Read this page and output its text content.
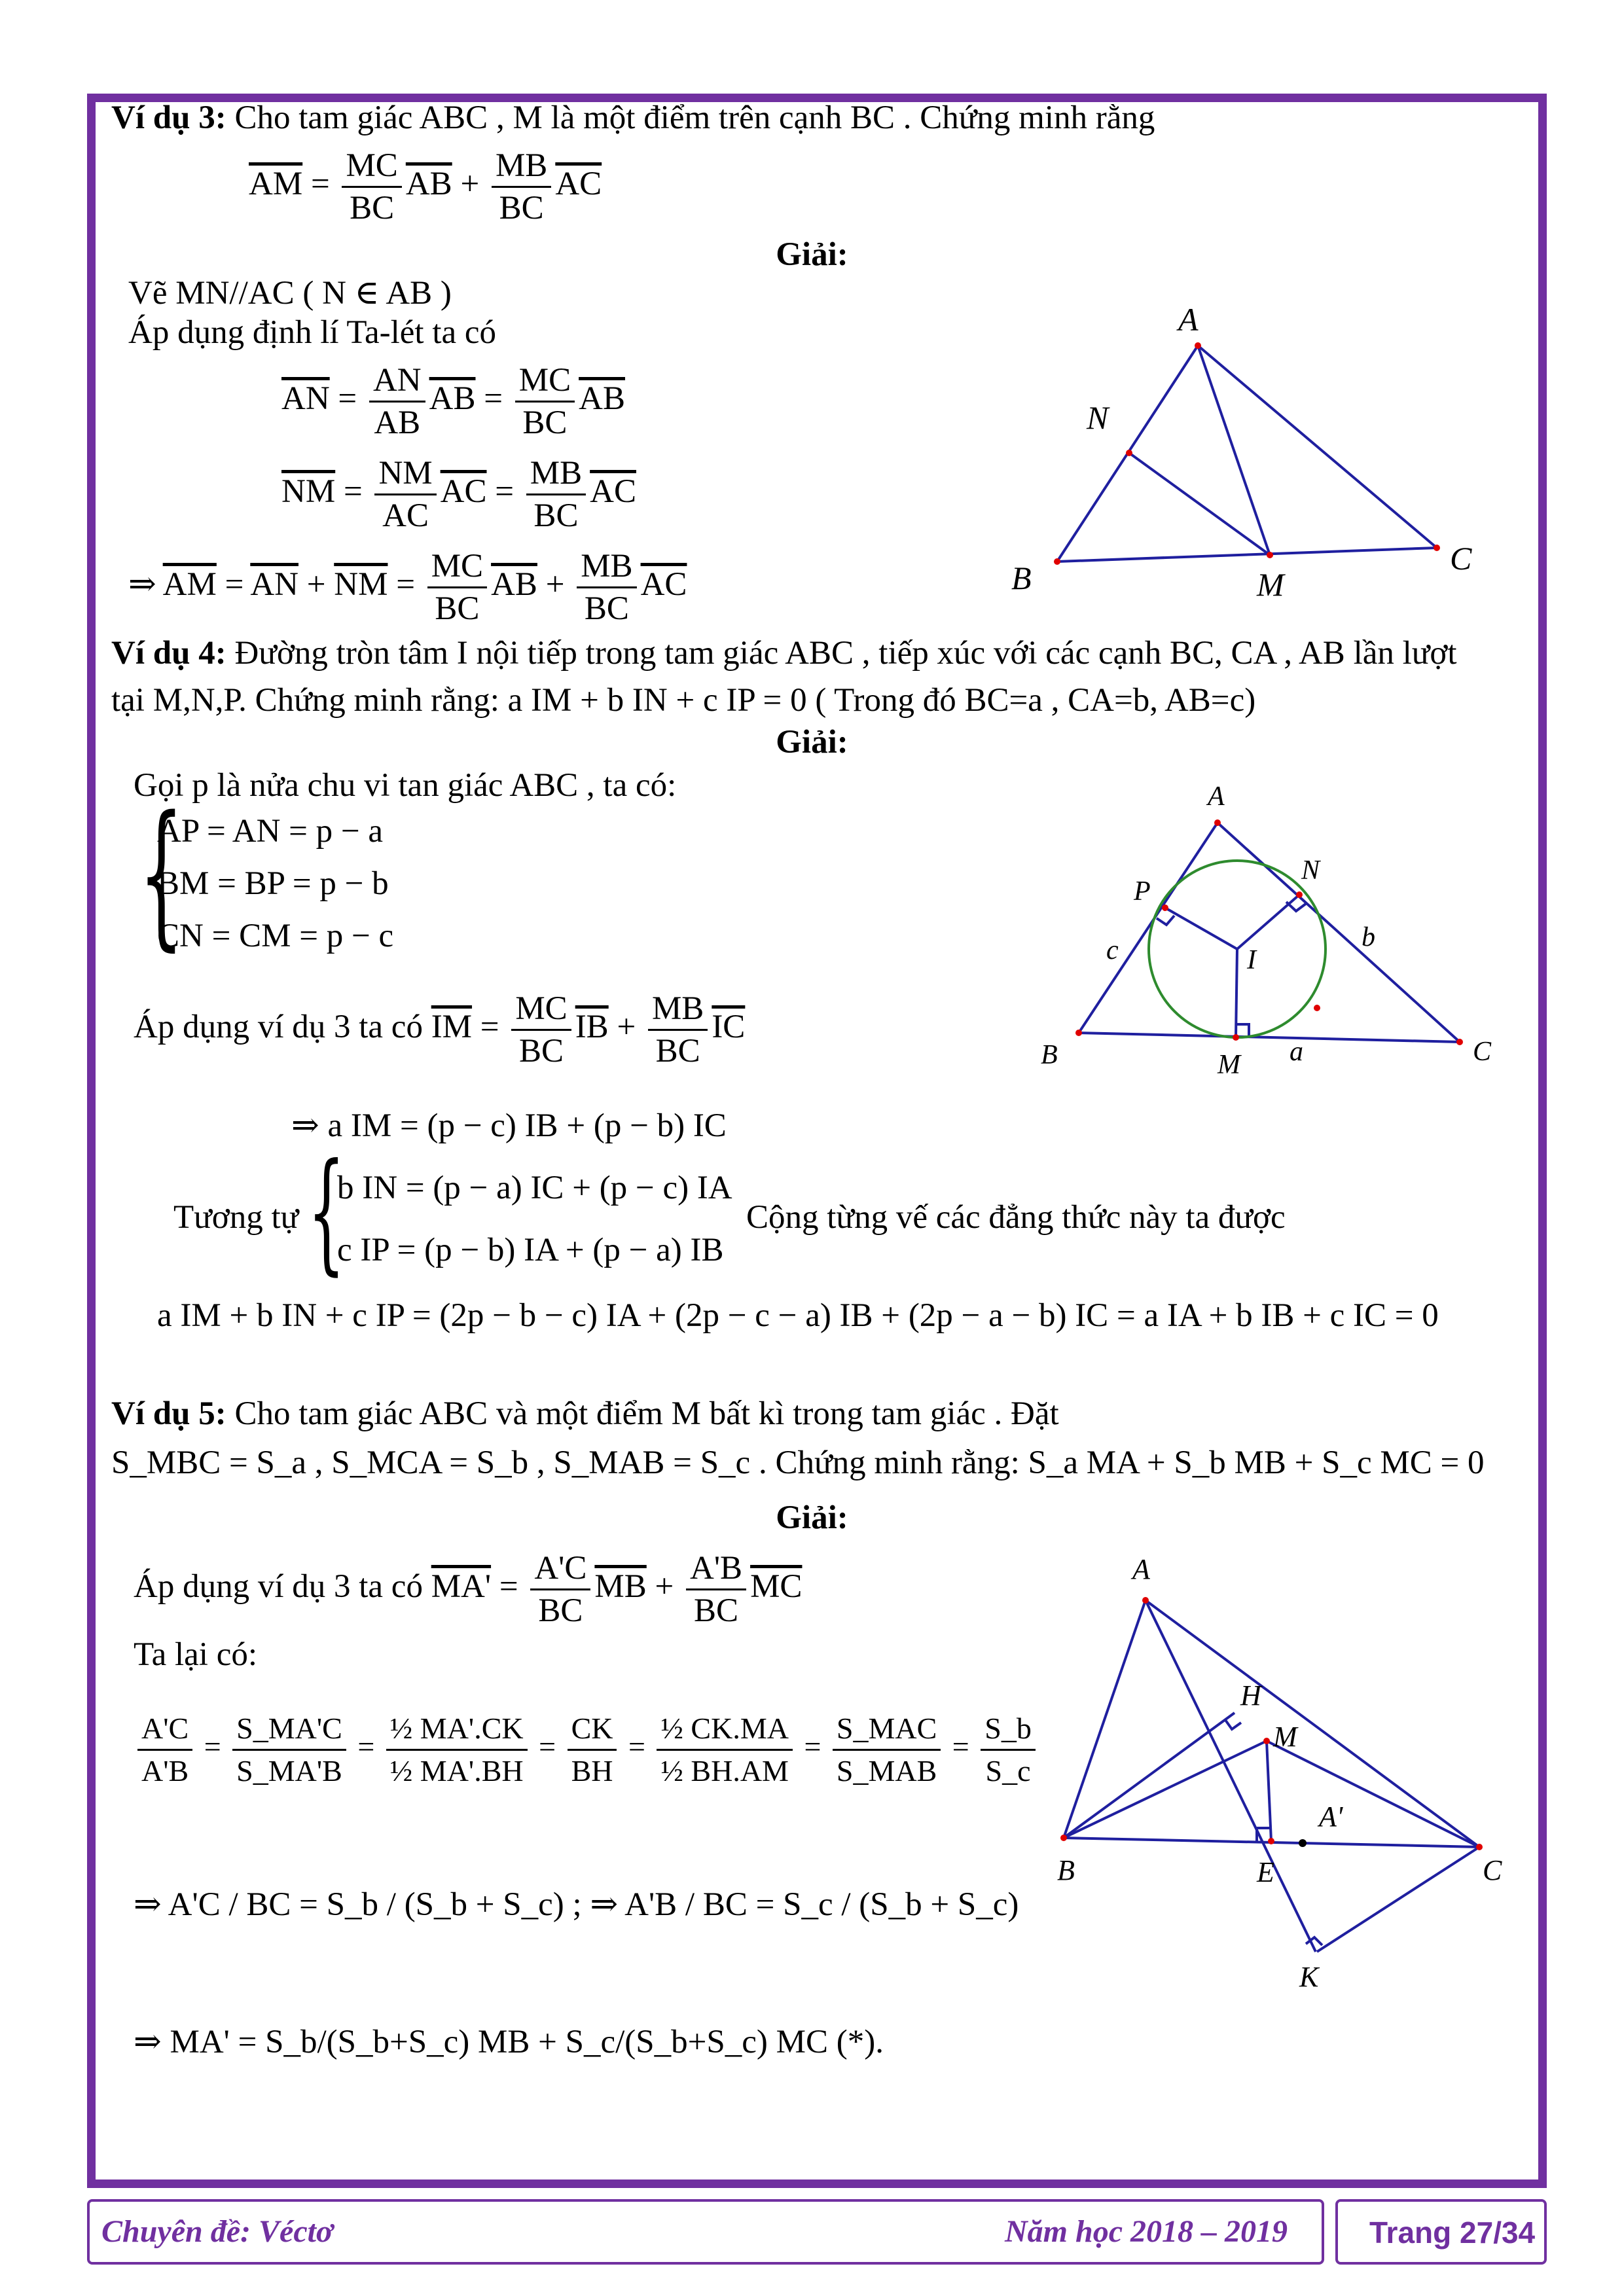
Ví dụ 3: Cho tam giác ABC , M là một điểm trên cạnh BC . Chứng minh rằng
$\overline{AM} = \frac{MC}{BC} \overline{AB} + \frac{MB}{BC} \overline{AC}$
Giải:
Vẽ MN//AC ( N ∈ AB )
Áp dụng định lí Ta-lét ta có
$\overline{AN} = \frac{AN}{AB} \overline{AB} = \frac{MC}{BC} \overline{AB}$
$\overline{NM} = \frac{NM}{AC} \overline{AC} = \frac{MB}{BC} \overline{AC}$
⇒ $\overline{AM} = \overline{AN} + \overline{NM} = \frac{MC}{BC} \overline{AB} + \frac{MB}{BC} \overline{AC}$
A
N
B	M
C
Ví dụ 4: Đường tròn tâm I nội tiếp trong tam giác ABC , tiếp xúc với các cạnh BC, CA , AB lần lượt
tại M,N,P. Chứng minh rằng: a IM + b IN + c IP = 0 ( Trong đó BC=a , CA=b, AB=c)
Giải:
Gọi p là nửa chu vi tan giác ABC , ta có:
{
AP = AN = p − a
BM = BP = p − b
CN = CM = p − c
Áp dụng ví dụ 3 ta có $\overline{IM} = \frac{MC}{BC} \overline{IB} + \frac{MB}{BC} \overline{IC}$
⇒ a IM = (p − c) IB + (p − b) IC
Tương tự {
b IN = (p − a) IC + (p − c) IA
c IP = (p − b) IA + (p − a) IB
Cộng từng vế các đẳng thức này ta được
a IM + b IN + c IP = (2p − b − c) IA + (2p − c − a) IB + (2p − a − b) IC = a IA + b IB + c IC = 0
A
P
N
c	I
b
B	M a	C
Ví dụ 5: Cho tam giác ABC và một điểm M bất kì trong tam giác . Đặt
S_MBC = S_a , S_MCA = S_b , S_MAB = S_c . Chứng minh rằng: S_a MA + S_b MB + S_c MC = 0
Giải:
Áp dụng ví dụ 3 ta có $MA' = \frac{A'C}{BC} \overline{MB} + \frac{A'B}{BC} \overline{MC}$
Ta lại có:
$\frac{A'C}{A'B} = \frac{S\_MA'C}{S\_MA'B} = \frac{\text{½ MA'.CK}}{\text{½ MA'.BH}} = \frac{CK}{BH} = \frac{\text{½ CK.MA}}{\text{½ BH.AM}}$ =
S_MAC
S_MAB
= $\frac{S\_b}{S\_c}$
⇒ A'C / BC = S_b / (S_b + S_c) ; ⇒ A'B / BC = S_c / (S_b + S_c)
⇒ MA' = S_b/(S_b+S_c) MB + S_c/(S_b+S_c) MC (*).
A
H
M
A'
B	E	C
K
Chuyên đề: Véctơ	Năm học 2018 – 2019	Trang 27/34
